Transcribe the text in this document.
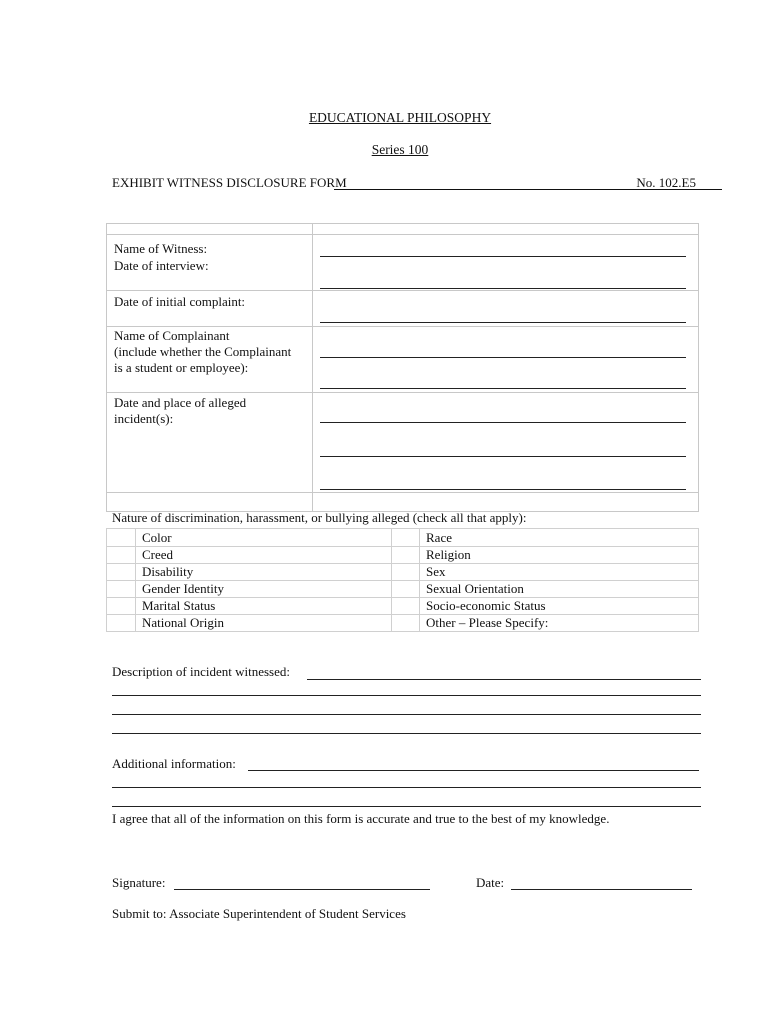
EDUCATIONAL PHILOSOPHY
Series 100
EXHIBIT WITNESS DISCLOSURE FORM	No. 102.E5
Name of Witness:
Date of interview:
Date of initial complaint:
Name of Complainant
(include whether the Complainant
is a student or employee):
Date and place of alleged
incident(s):
Nature of discrimination, harassment, or bullying alleged (check all that apply):
Color	Race
Creed	Religion
Disability	Sex
Gender Identity	Sexual Orientation
Marital Status	Socio-economic Status
National Origin	Other – Please Specify:
Description of incident witnessed:
Additional information:
I agree that all of the information on this form is accurate and true to the best of my knowledge.
Signature:	Date:
Submit to: Associate Superintendent of Student Services
